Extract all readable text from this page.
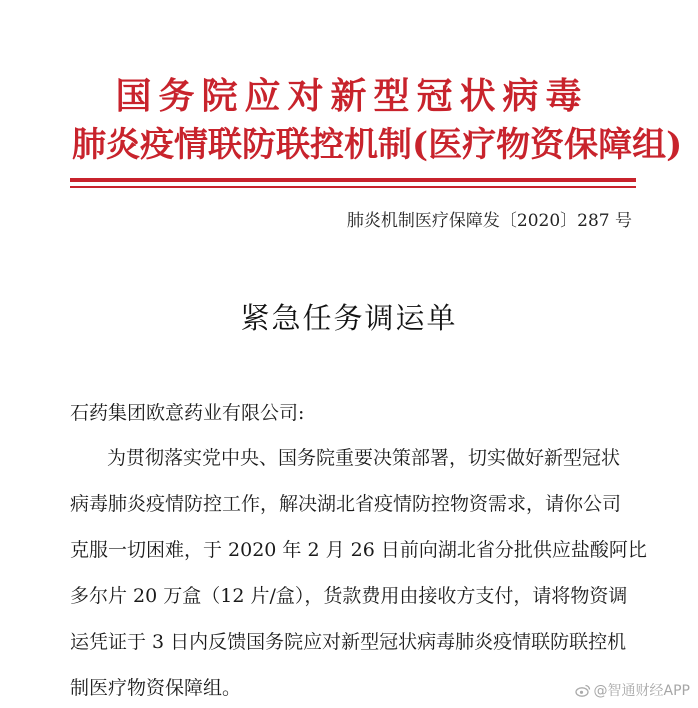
国务院应对新型冠状病毒
肺炎疫情联防联控机制(医疗物资保障组)
肺炎机制医疗保障发〔2020〕287 号
紧急任务调运单
石药集团欧意药业有限公司:
为贯彻落实党中央、国务院重要决策部署，切实做好新型冠状
病毒肺炎疫情防控工作，解决湖北省疫情防控物资需求，请你公司
克服一切困难，于 2020 年 2 月 26 日前向湖北省分批供应盐酸阿比
多尔片 20 万盒（12 片/盒），货款费用由接收方支付，请将物资调
运凭证于 3 日内反馈国务院应对新型冠状病毒肺炎疫情联防联控机
制医疗物资保障组。	@智通财经APP
